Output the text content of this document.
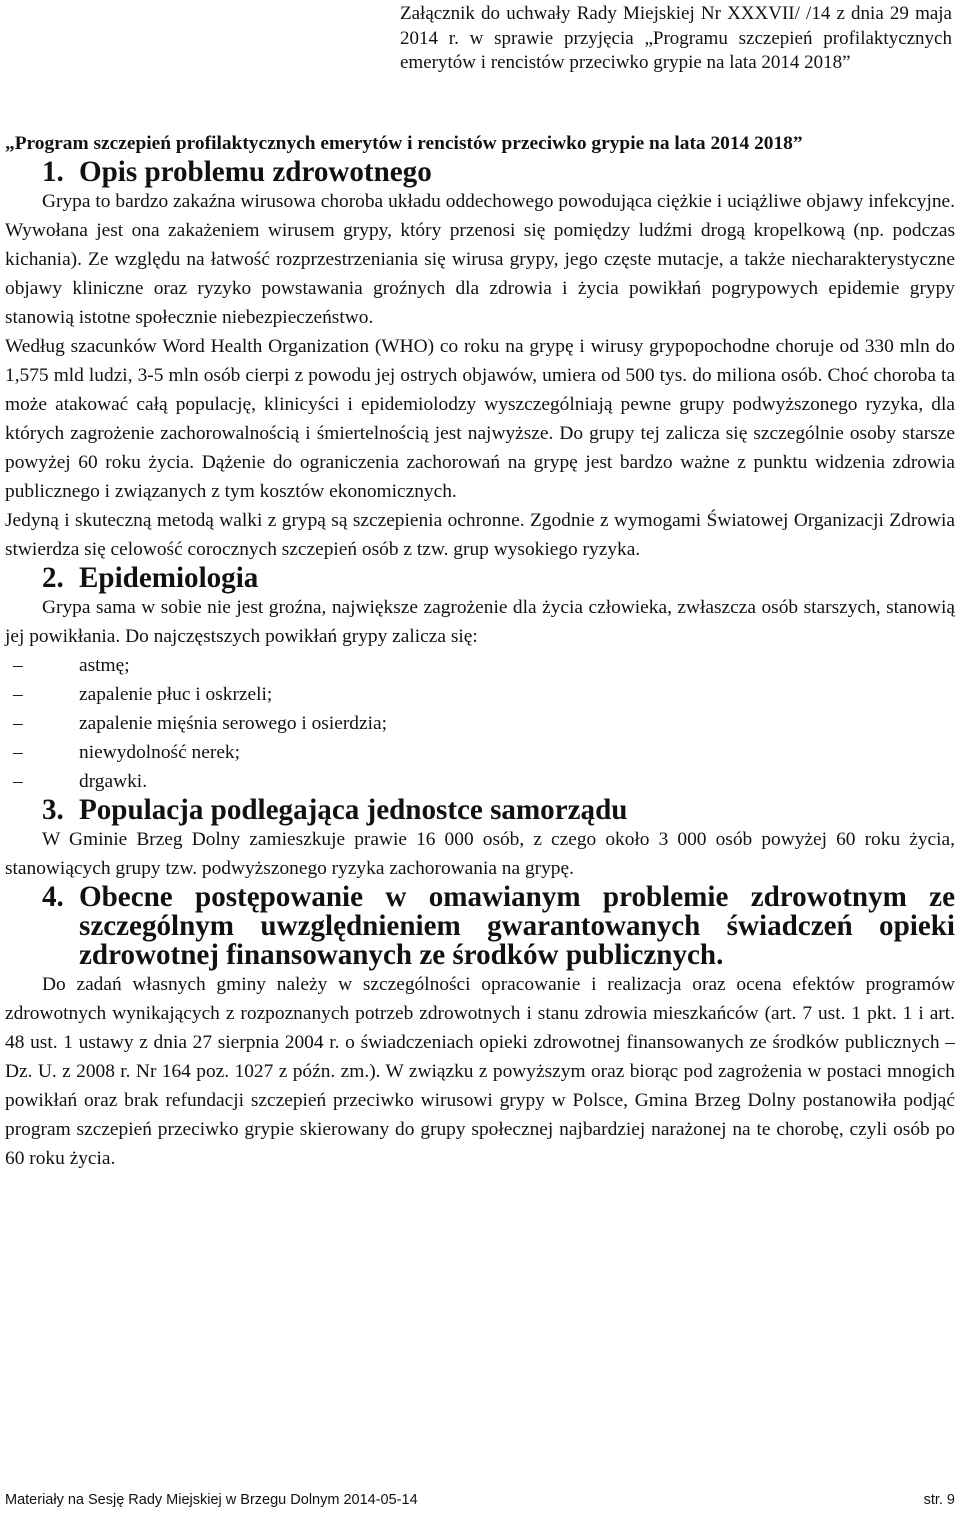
Załącznik do uchwały Rady Miejskiej Nr XXXVII/ /14 z dnia 29 maja 2014 r. w sprawie przyjęcia „Programu szczepień profilaktycznych emerytów i rencistów przeciwko grypie na lata 2014 2018”

„Program szczepień profilaktycznych emerytów i rencistów przeciwko grypie na lata 2014 2018”
1. Opis problemu zdrowotnego

Grypa to bardzo zakaźna wirusowa choroba układu oddechowego powodująca ciężkie i uciążliwe objawy infekcyjne. Wywołana jest ona zakażeniem wirusem grypy, który przenosi się pomiędzy ludźmi drogą kropelkową (np. podczas kichania). Ze względu na łatwość rozprzestrzeniania się wirusa grypy, jego częste mutacje, a także niecharakterystyczne objawy kliniczne oraz ryzyko powstawania groźnych dla zdrowia i życia powikłań pogrypowych epidemie grypy stanowią istotne społecznie niebezpieczeństwo.

Według szacunków Word Health Organization (WHO) co roku na grypę i wirusy grypopochodne choruje od 330 mln do 1,575 mld ludzi, 3-5 mln osób cierpi z powodu jej ostrych objawów, umiera od 500 tys. do miliona osób. Choć choroba ta może atakować całą populację, klinicyści i epidemiolodzy wyszczególniają pewne grupy podwyższonego ryzyka, dla których zagrożenie zachorowalnością i śmiertelnością jest najwyższe. Do grupy tej zalicza się szczególnie osoby starsze powyżej 60 roku życia. Dążenie do ograniczenia zachorowań na grypę jest bardzo ważne z punktu widzenia zdrowia publicznego i związanych z tym kosztów ekonomicznych.

Jedyną i skuteczną metodą walki z grypą są szczepienia ochronne. Zgodnie z wymogami Światowej Organizacji Zdrowia stwierdza się celowość corocznych szczepień osób z tzw. grup wysokiego ryzyka.

2. Epidemiologia

Grypa sama w sobie nie jest groźna, największe zagrożenie dla życia człowieka, zwłaszcza osób starszych, stanowią jej powikłania. Do najczęstszych powikłań grypy zalicza się:

–	astmę;
–	zapalenie płuc i oskrzeli;
–	zapalenie mięśnia serowego i osierdzia;
–	niewydolność nerek;
–	drgawki.
3. Populacja podlegająca jednostce samorządu

W Gminie Brzeg Dolny zamieszkuje prawie 16 000 osób, z czego około 3 000 osób powyżej 60 roku życia, stanowiących grupy tzw. podwyższonego ryzyka zachorowania na grypę.

4. Obecne postępowanie w omawianym problemie zdrowotnym ze szczególnym uwzględnieniem gwarantowanych świadczeń opieki zdrowotnej finansowanych ze środków publicznych.

Do zadań własnych gminy należy w szczególności opracowanie i realizacja oraz ocena efektów programów zdrowotnych wynikających z rozpoznanych potrzeb zdrowotnych i stanu zdrowia mieszkańców (art. 7 ust. 1 pkt. 1 i art. 48 ust. 1 ustawy z dnia 27 sierpnia 2004 r. o świadczeniach opieki zdrowotnej finansowanych ze środków publicznych – Dz. U. z 2008 r. Nr 164 poz. 1027 z późn. zm.). W związku z powyższym oraz biorąc pod zagrożenia w postaci mnogich powikłań oraz brak refundacji szczepień przeciwko wirusowi grypy w Polsce, Gmina Brzeg Dolny postanowiła podjąć program szczepień przeciwko grypie skierowany do grupy społecznej najbardziej narażonej na te chorobę, czyli osób po 60 roku życia.

Materiały na Sesję Rady Miejskiej w Brzegu Dolnym 2014-05-14	str. 9
